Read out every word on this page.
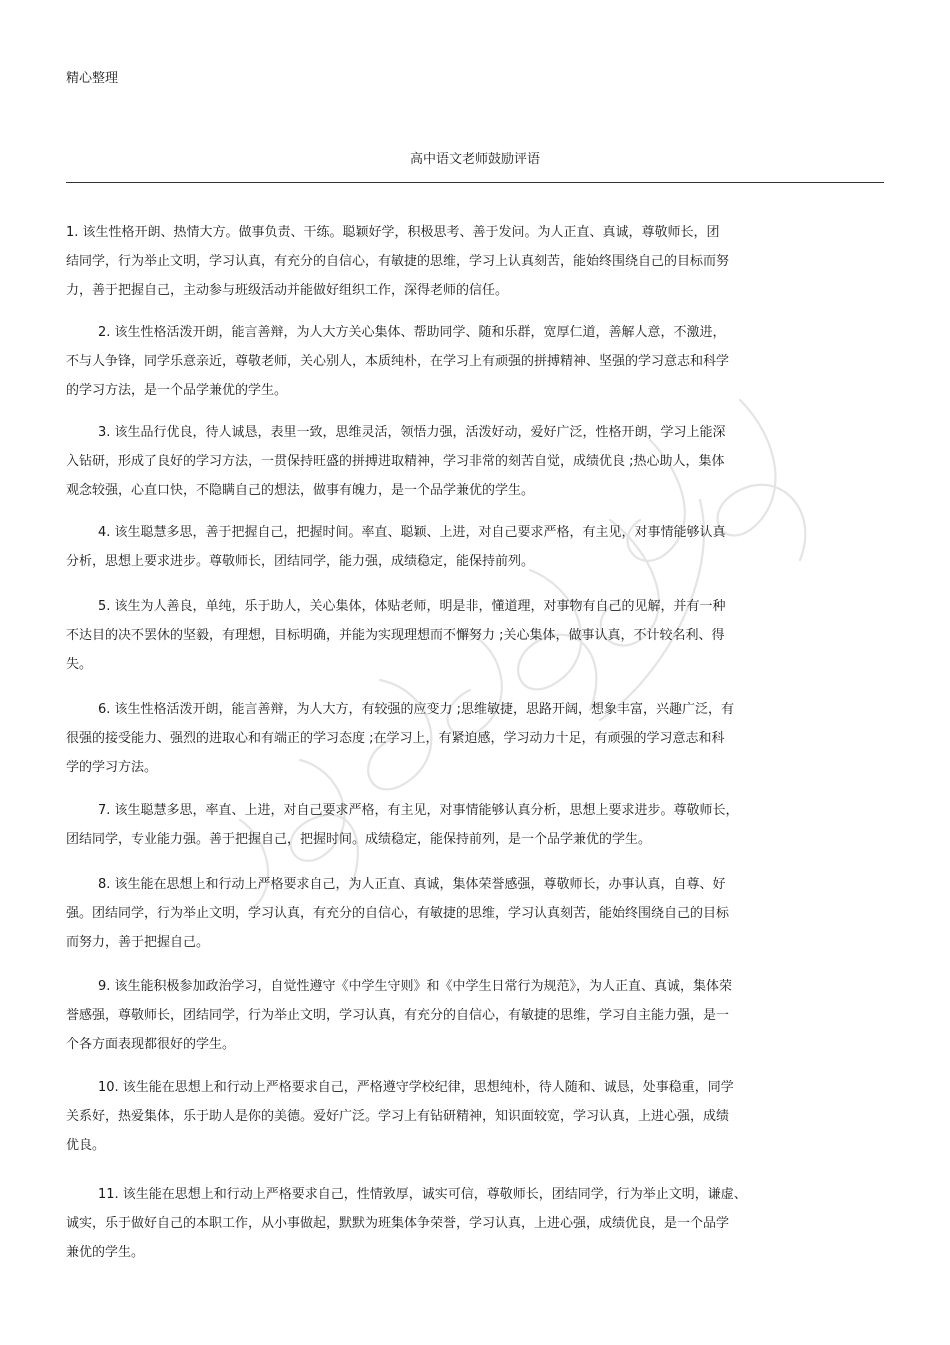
精心整理
高中语文老师鼓励评语
1. 该生性格开朗、热情大方。做事负责、干练。聪颖好学，积极思考、善于发问。为人正直、真诚，尊敬师长，团
结同学，行为举止文明，学习认真，有充分的自信心，有敏捷的思维，学习上认真刻苦，能始终围绕自己的目标而努
力，善于把握自己，主动参与班级活动并能做好组织工作，深得老师的信任。
2. 该生性格活泼开朗，能言善辩，为人大方关心集体、帮助同学、随和乐群，宽厚仁道，善解人意，不激进，
不与人争锋，同学乐意亲近，尊敬老师，关心别人，本质纯朴，在学习上有顽强的拼搏精神、坚强的学习意志和科学
的学习方法，是一个品学兼优的学生。
3. 该生品行优良，待人诚恳，表里一致，思维灵活，领悟力强，活泼好动，爱好广泛，性格开朗，学习上能深
入钻研，形成了良好的学习方法，一贯保持旺盛的拼搏进取精神，学习非常的刻苦自觉，成绩优良 ;热心助人，集体
观念较强，心直口快，不隐瞒自己的想法，做事有魄力，是一个品学兼优的学生。
4. 该生聪慧多思，善于把握自己，把握时间。率直、聪颖、上进，对自己要求严格，有主见，对事情能够认真
分析，思想上要求进步。尊敬师长，团结同学，能力强，成绩稳定，能保持前列。
5. 该生为人善良，单纯，乐于助人，关心集体，体贴老师，明是非，懂道理，对事物有自己的见解，并有一种
不达目的决不罢休的坚毅，有理想，目标明确，并能为实现理想而不懈努力 ;关心集体，做事认真，不计较名利、得
失。
6. 该生性格活泼开朗，能言善辩，为人大方，有较强的应变力 ;思维敏捷，思路开阔，想象丰富，兴趣广泛，有
很强的接受能力、强烈的进取心和有端正的学习态度 ;在学习上，有紧迫感，学习动力十足，有顽强的学习意志和科
学的学习方法。
7. 该生聪慧多思，率直、上进，对自己要求严格，有主见，对事情能够认真分析，思想上要求进步。尊敬师长，
团结同学，专业能力强。善于把握自己，把握时间。成绩稳定，能保持前列，是一个品学兼优的学生。
8. 该生能在思想上和行动上严格要求自己，为人正直、真诚，集体荣誉感强，尊敬师长，办事认真，自尊、好
强。团结同学，行为举止文明，学习认真，有充分的自信心，有敏捷的思维，学习认真刻苦，能始终围绕自己的目标
而努力，善于把握自己。
9. 该生能积极参加政治学习，自觉性遵守《中学生守则》和《中学生日常行为规范》，为人正直、真诚，集体荣
誉感强，尊敬师长，团结同学，行为举止文明，学习认真，有充分的自信心，有敏捷的思维，学习自主能力强，是一
个各方面表现都很好的学生。
10. 该生能在思想上和行动上严格要求自己，严格遵守学校纪律，思想纯朴，待人随和、诚恳，处事稳重，同学
关系好，热爱集体，乐于助人是你的美德。爱好广泛。学习上有钻研精神，知识面较宽，学习认真，上进心强，成绩
优良。
11. 该生能在思想上和行动上严格要求自己，性情敦厚，诚实可信，尊敬师长，团结同学，行为举止文明，谦虚、
诚实，乐于做好自己的本职工作，从小事做起，默默为班集体争荣誉，学习认真，上进心强，成绩优良，是一个品学
兼优的学生。
